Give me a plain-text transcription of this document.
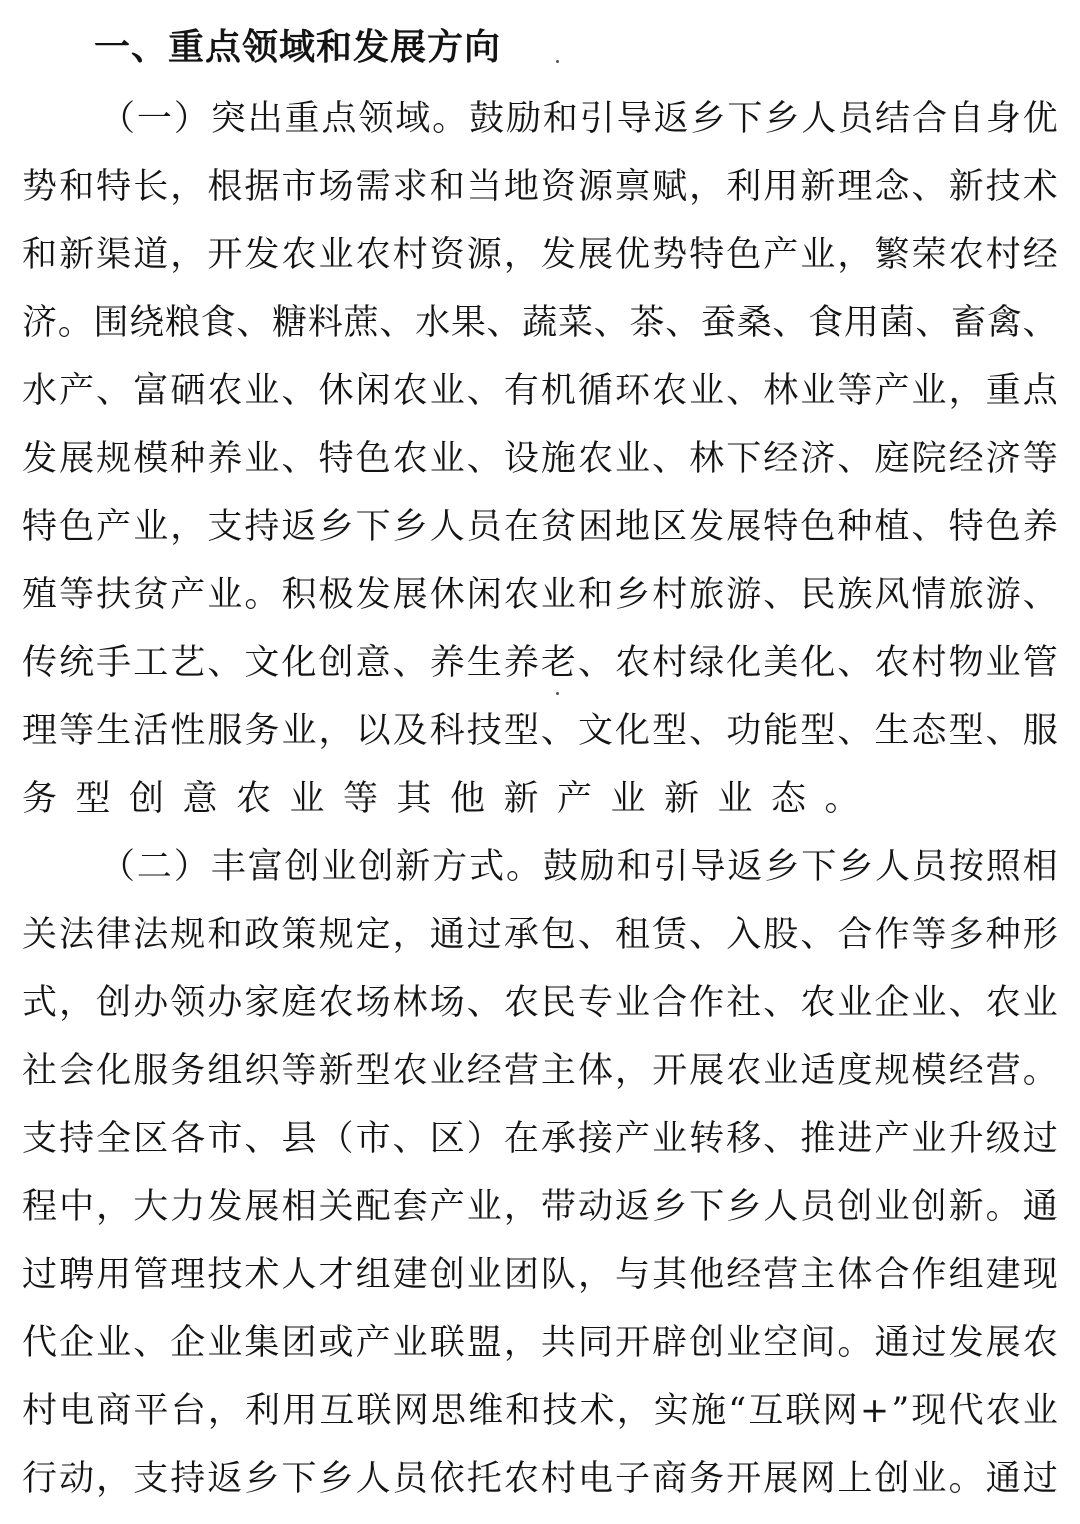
一、重点领域和发展方向
（ 一 ） 突 出 重 点 领 域 。 鼓 励 和 引 导 返 乡 下 乡 人 员 结 合 自 身 优
势 和 特 长 ， 根 据 市 场 需 求 和 当 地 资 源 禀 赋 ， 利 用 新 理 念 、 新 技 术
和 新 渠 道 ， 开 发 农 业 农 村 资 源 ， 发 展 优 势 特 色 产 业 ， 繁 荣 农 村 经
济 。 围 绕 粮 食 、 糖 料 蔗 、 水 果 、 蔬 菜 、 茶 、 蚕 桑 、 食 用 菌 、 畜 禽 、
水 产 、 富 硒 农 业 、 休 闲 农 业 、 有 机 循 环 农 业 、 林 业 等 产 业 ， 重 点
发 展 规 模 种 养 业 、 特 色 农 业 、 设 施 农 业 、 林 下 经 济 、 庭 院 经 济 等
特 色 产 业 ， 支 持 返 乡 下 乡 人 员 在 贫 困 地 区 发 展 特 色 种 植 、 特 色 养
殖 等 扶 贫 产 业 。 积 极 发 展 休 闲 农 业 和 乡 村 旅 游 、 民 族 风 情 旅 游 、
传 统 手 工 艺 、 文 化 创 意 、 养 生 养 老 、 农 村 绿 化 美 化 、 农 村 物 业 管
理 等 生 活 性 服 务 业 ， 以 及 科 技 型 、 文 化 型 、 功 能 型 、 生 态 型 、 服
务型创意农业等其他新产业新业态。
（ 二 ） 丰 富 创 业 创 新 方 式 。 鼓 励 和 引 导 返 乡 下 乡 人 员 按 照 相
关 法 律 法 规 和 政 策 规 定 ， 通 过 承 包 、 租 赁 、 入 股 、 合 作 等 多 种 形
式 ， 创 办 领 办 家 庭 农 场 林 场 、 农 民 专 业 合 作 社 、 农 业 企 业 、 农 业
社 会 化 服 务 组 织 等 新 型 农 业 经 营 主 体 ， 开 展 农 业 适 度 规 模 经 营 。
支 持 全 区 各 市 、 县 （ 市 、 区 ） 在 承 接 产 业 转 移 、 推 进 产 业 升 级 过
程 中 ， 大 力 发 展 相 关 配 套 产 业 ， 带 动 返 乡 下 乡 人 员 创 业 创 新 。 通
过 聘 用 管 理 技 术 人 才 组 建 创 业 团 队 ， 与 其 他 经 营 主 体 合 作 组 建 现
代 企 业 、 企 业 集 团 或 产 业 联 盟 ， 共 同 开 辟 创 业 空 间 。 通 过 发 展 农
村 电 商 平 台 ， 利 用 互 联 网 思 维 和 技 术 ， 实 施 “ 互 联 网 + ” 现 代 农 业
行 动 ， 支 持 返 乡 下 乡 人 员 依 托 农 村 电 子 商 务 开 展 网 上 创 业 。 通 过
